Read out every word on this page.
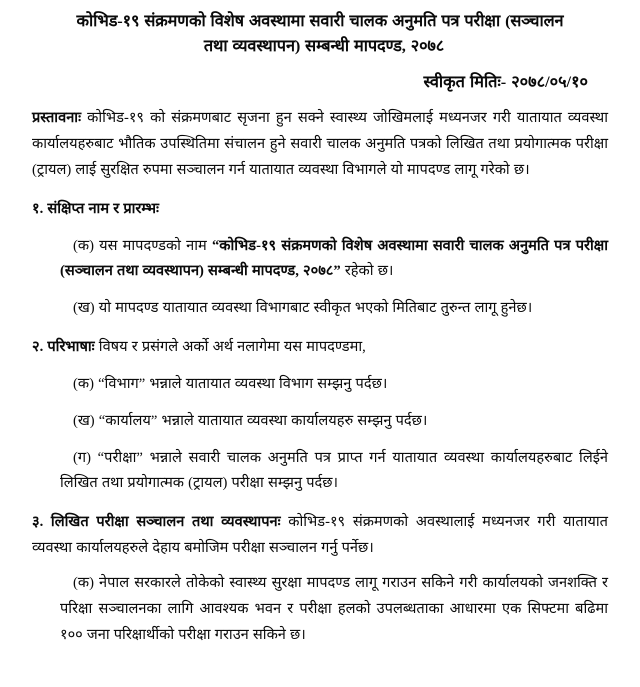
कोभिड-१९ संक्रमणको विशेष अवस्थामा सवारी चालक अनुमति पत्र परीक्षा (सञ्चालन
तथा व्यवस्थापन) सम्बन्धी मापदण्ड, २०७८

स्वीकृत मितिः- २०७८/०५/१०

प्रस्तावनाः कोभिड-१९ को संक्रमणबाट सृजना हुन सक्ने स्वास्थ्य जोखिमलाई मध्यनजर गरी यातायात व्यवस्था कार्यालयहरुबाट भौतिक उपस्थितिमा संचालन हुने सवारी चालक अनुमति पत्रको लिखित तथा प्रयोगात्मक परीक्षा (ट्रायल) लाई सुरक्षित रुपमा सञ्चालन गर्न यातायात व्यवस्था विभागले यो मापदण्ड लागू गरेको छ।

१. संक्षिप्त नाम र प्रारम्भः

(क) यस मापदण्डको नाम “कोभिड-१९ संक्रमणको विशेष अवस्थामा सवारी चालक अनुमति पत्र परीक्षा (सञ्चालन तथा व्यवस्थापन) सम्बन्धी मापदण्ड, २०७८” रहेको छ।

(ख) यो मापदण्ड यातायात व्यवस्था विभागबाट स्वीकृत भएको मितिबाट तुरुन्त लागू हुनेछ।

२. परिभाषाः विषय र प्रसंगले अर्को अर्थ नलागेमा यस मापदण्डमा,

(क) “विभाग” भन्नाले यातायात व्यवस्था विभाग सम्झनु पर्दछ।

(ख) “कार्यालय” भन्नाले यातायात व्यवस्था कार्यालयहरु सम्झनु पर्दछ।

(ग) “परीक्षा” भन्नाले सवारी चालक अनुमति पत्र प्राप्त गर्न यातायात व्यवस्था कार्यालयहरुबाट लिईने लिखित तथा प्रयोगात्मक (ट्रायल) परीक्षा सम्झनु पर्दछ।

३. लिखित परीक्षा सञ्चालन तथा व्यवस्थापनः कोभिड-१९ संक्रमणको अवस्थालाई मध्यनजर गरी यातायात व्यवस्था कार्यालयहरुले देहाय बमोजिम परीक्षा सञ्चालन गर्नु पर्नेछ।

(क) नेपाल सरकारले तोकेको स्वास्थ्य सुरक्षा मापदण्ड लागू गराउन सकिने गरी कार्यालयको जनशक्ति र परिक्षा सञ्चालनका लागि आवश्यक भवन र परीक्षा हलको उपलब्धताका आधारमा एक सिफ्टमा बढिमा १०० जना परिक्षार्थीको परीक्षा गराउन सकिने छ।
